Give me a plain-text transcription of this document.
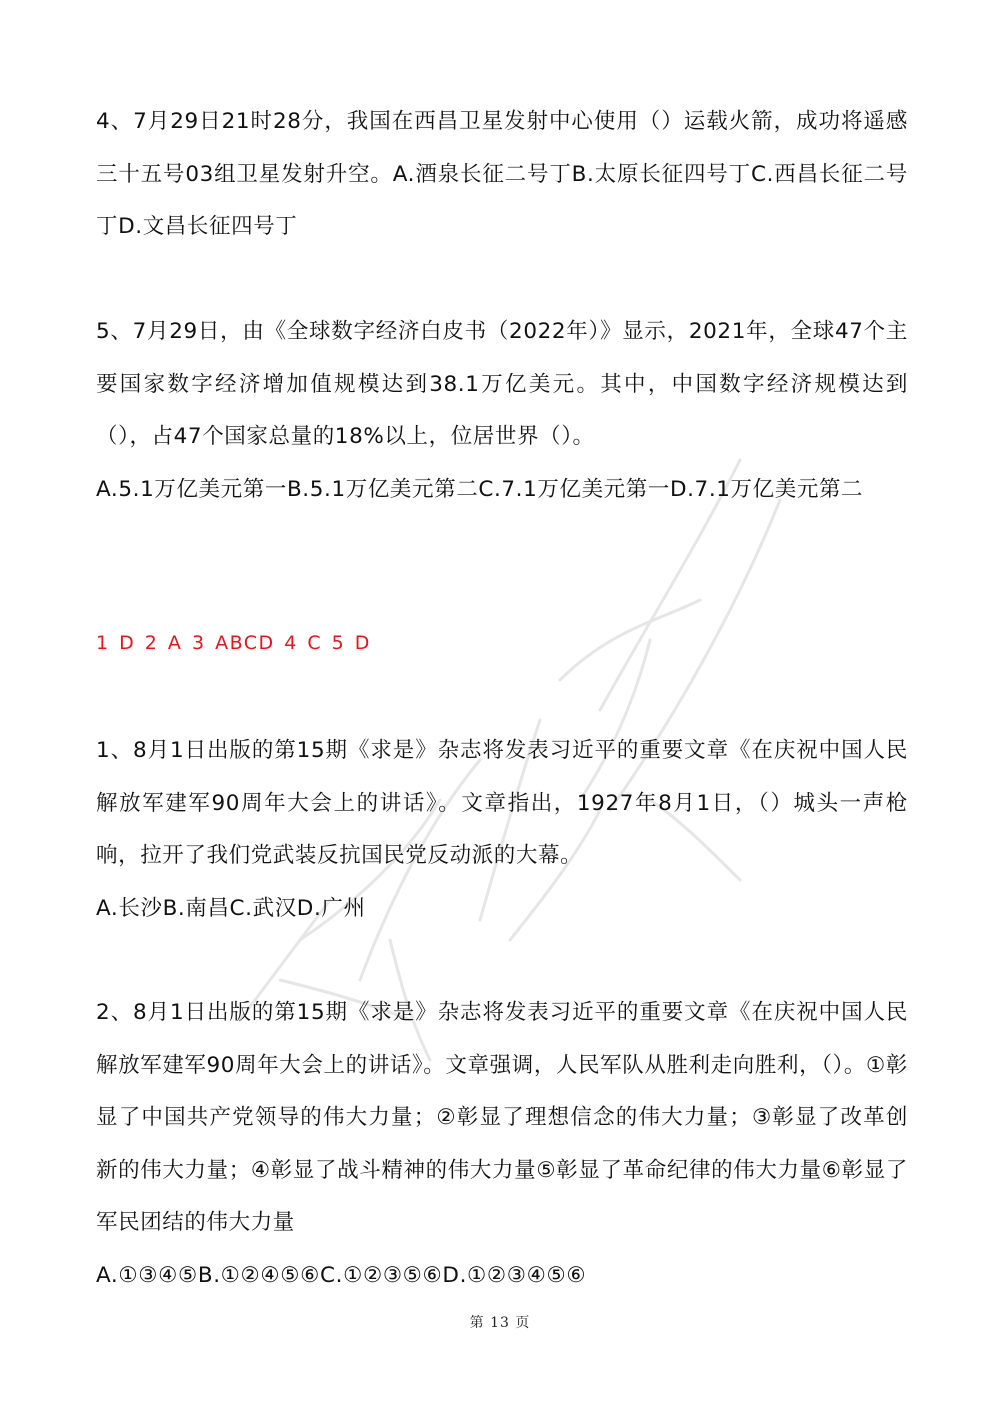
4、7月29日21时28分，我国在西昌卫星发射中心使用（）运载火箭，成功将遥感三十五号03组卫星发射升空。A.酒泉长征二号丁B.太原长征四号丁C.西昌长征二号丁D.文昌长征四号丁
5、7月29日，由《全球数字经济白皮书（2022年）》显示，2021年，全球47个主要国家数字经济增加值规模达到38.1万亿美元。其中，中国数字经济规模达到（），占47个国家总量的18%以上，位居世界（）。
A.5.1万亿美元第一B.5.1万亿美元第二C.7.1万亿美元第一D.7.1万亿美元第二
1 D 2 A 3 ABCD 4 C 5 D
1、8月1日出版的第15期《求是》杂志将发表习近平的重要文章《在庆祝中国人民解放军建军90周年大会上的讲话》。文章指出，1927年8月1日，（）城头一声枪响，拉开了我们党武装反抗国民党反动派的大幕。
A.长沙B.南昌C.武汉D.广州
2、8月1日出版的第15期《求是》杂志将发表习近平的重要文章《在庆祝中国人民解放军建军90周年大会上的讲话》。文章强调，人民军队从胜利走向胜利，（）。①彰显了中国共产党领导的伟大力量；②彰显了理想信念的伟大力量；③彰显了改革创新的伟大力量；④彰显了战斗精神的伟大力量⑤彰显了革命纪律的伟大力量⑥彰显了军民团结的伟大力量
A.①③④⑤B.①②④⑤⑥C.①②③⑤⑥D.①②③④⑤⑥
第 13 页
